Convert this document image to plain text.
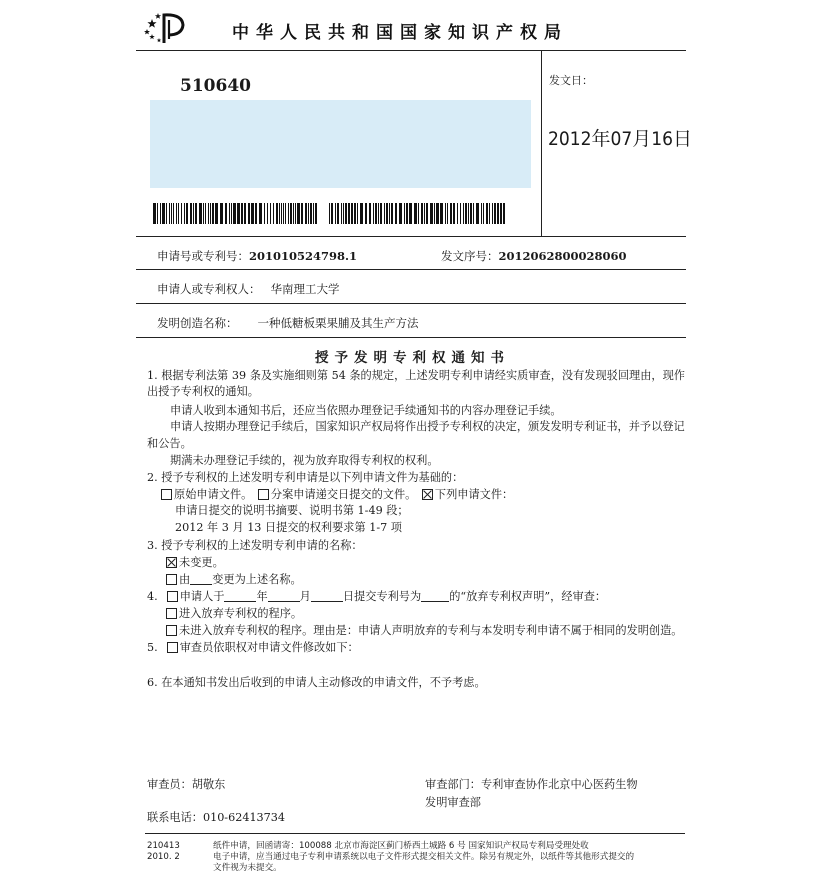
中华人民共和国国家知识产权局
510640	发文日：
2012年07月16日
申请号或专利号：201010524798.1	发文序号：2012062800028060
申请人或专利权人： 华南理工大学
发明创造名称： 一种低糖板栗果脯及其生产方法
授予发明专利权通知书
1. 根据专利法第 39 条及实施细则第 54 条的规定，上述发明专利申请经实质审查，没有发现驳回理由，现作
出授予专利权的通知。
申请人收到本通知书后，还应当依照办理登记手续通知书的内容办理登记手续。
申请人按期办理登记手续后，国家知识产权局将作出授予专利权的决定，颁发发明专利证书，并予以登记
和公告。
期满未办理登记手续的，视为放弃取得专利权的权利。
2. 授予专利权的上述发明专利申请是以下列申请文件为基础的：
原始申请文件。 分案申请递交日提交的文件。 下列申请文件：
申请日提交的说明书摘要、说明书第 1-49 段；
2012 年 3 月 13 日提交的权利要求第 1-7 项
3. 授予专利权的上述发明专利申请的名称：
未变更。
由 变更为上述名称。
4. 申请人于	年	月	日提交专利号为	的“放弃专利权声明”，经审查：
进入放弃专利权的程序。
未进入放弃专利权的程序。理由是：申请人声明放弃的专利与本发明专利申请不属于相同的发明创造。
5. 审查员依职权对申请文件修改如下：
6. 在本通知书发出后收到的申请人主动修改的申请文件，不予考虑。
审查员：胡敬东	审查部门：专利审查协作北京中心医药生物
发明审查部
联系电话：010-62413734
210413
2010. 2
纸件申请，回函请寄：100088 北京市海淀区蓟门桥西土城路 6 号 国家知识产权局专利局受理处收
电子申请，应当通过电子专利申请系统以电子文件形式提交相关文件。除另有规定外，以纸件等其他形式提交的
文件视为未提交。
